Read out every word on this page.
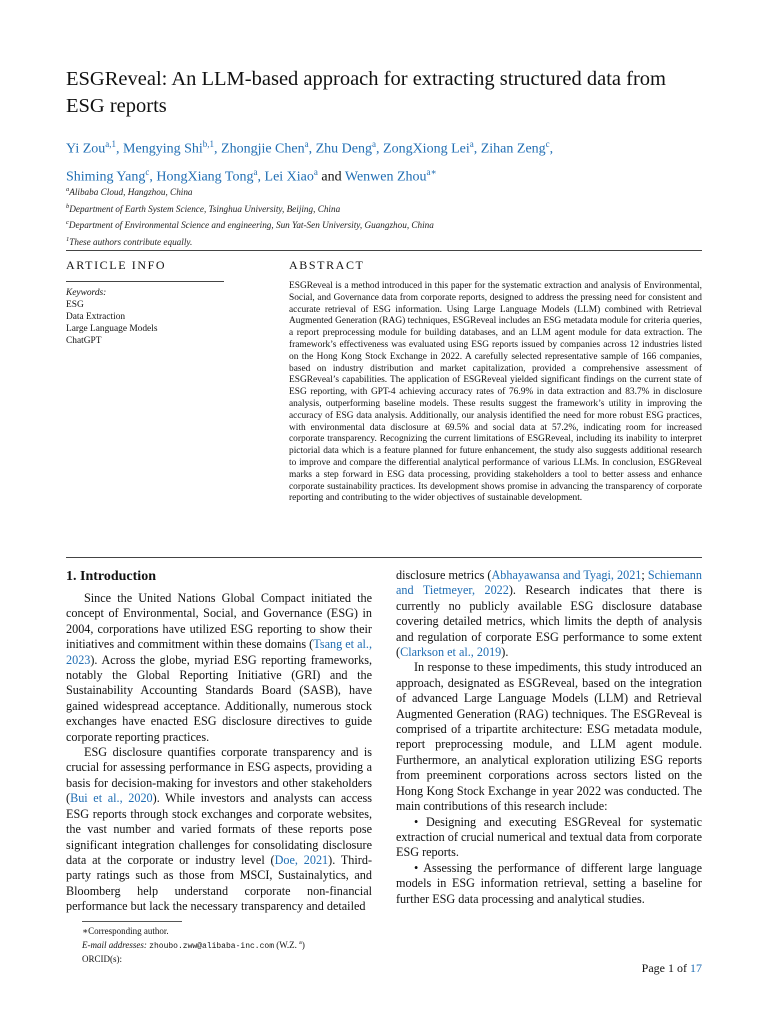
ESGReveal: An LLM-based approach for extracting structured data from ESG reports
Yi Zou$^{a,1}$, Mengying Shi$^{b,1}$, Zhongjie Chen$^a$, Zhu Deng$^a$, ZongXiong Lei$^a$, Zihan Zeng$^c$,
Shiming Yang$^c$, HongXiang Tong$^a$, Lei Xiao$^a$ and Wenwen Zhou$^{a∗}$
$^a$Alibaba Cloud, Hangzhou, China
$^b$Department of Earth System Science, Tsinghua University, Beijing, China
$^c$Department of Environmental Science and engineering, Sun Yat-Sen University, Guangzhou, China
$^1$These authors contribute equally.
ARTICLE INFO
Keywords:
ESG
Data Extraction
Large Language Models
ChatGPT
ABSTRACT
ESGReveal is a method introduced in this paper for the systematic extraction and analysis of Environmental, Social, and Governance data from corporate reports, designed to address the pressing need for consistent and accurate retrieval of ESG information. Using Large Language Models (LLM) combined with Retrieval Augmented Generation (RAG) techniques, ESGReveal includes an ESG metadata module for criteria queries, a report preprocessing module for building databases, and an LLM agent module for data extraction. The framework’s effectiveness was evaluated using ESG reports issued by companies across 12 industries listed on the Hong Kong Stock Exchange in 2022. A carefully selected representative sample of 166 companies, based on industry distribution and market capitalization, provided a comprehensive assessment of ESGReveal’s capabilities. The application of ESGReveal yielded significant findings on the current state of ESG reporting, with GPT-4 achieving accuracy rates of 76.9% in data extraction and 83.7% in disclosure analysis, outperforming baseline models. These results suggest the framework’s utility in improving the accuracy of ESG data analysis. Additionally, our analysis identified the need for more robust ESG practices, with environmental data disclosure at 69.5% and social data at 57.2%, indicating room for increased corporate transparency. Recognizing the current limitations of ESGReveal, including its inability to interpret pictorial data which is a feature planned for future enhancement, the study also suggests additional research to improve and compare the differential analytical performance of various LLMs. In conclusion, ESGReveal marks a step forward in ESG data processing, providing stakeholders a tool to better assess and enhance corporate sustainability practices. Its development shows promise in advancing the transparency of corporate reporting and contributing to the wider objectives of sustainable development.
1. Introduction

Since the United Nations Global Compact initiated the concept of Environmental, Social, and Governance (ESG) in 2004, corporations have utilized ESG reporting to show their initiatives and commitment within these domains (Tsang et al., 2023). Across the globe, myriad ESG reporting frameworks, notably the Global Reporting Initiative (GRI) and the Sustainability Accounting Standards Board (SASB), have gained widespread acceptance. Additionally, numerous stock exchanges have enacted ESG disclosure directives to guide corporate reporting practices.

ESG disclosure quantifies corporate transparency and is crucial for assessing performance in ESG aspects, providing a basis for decision-making for investors and other stakeholders (Bui et al., 2020). While investors and analysts can access ESG reports through stock exchanges and corporate websites, the vast number and varied formats of these reports pose significant integration challenges for consolidating disclosure data at the corporate or industry level (Doe, 2021). Third-party ratings such as those from MSCI, Sustainalytics, and Bloomberg help understand corporate non-financial performance but lack the necessary transparency and detailed

disclosure metrics (Abhayawansa and Tyagi, 2021; Schiemann and Tietmeyer, 2022). Research indicates that there is currently no publicly available ESG disclosure database covering detailed metrics, which limits the depth of analysis and regulation of corporate ESG performance to some extent (Clarkson et al., 2019).

In response to these impediments, this study introduced an approach, designated as ESGReveal, based on the integration of advanced Large Language Models (LLM) and Retrieval Augmented Generation (RAG) techniques. The ESGReveal is comprised of a tripartite architecture: ESG metadata module, report preprocessing module, and LLM agent module. Furthermore, an analytical exploration utilizing ESG reports from preeminent corporations across sectors listed on the Hong Kong Stock Exchange in year 2022 was conducted. The main contributions of this research include:

• Designing and executing ESGReveal for systematic extraction of crucial numerical and textual data from corporate ESG reports.

• Assessing the performance of different large language models in ESG information retrieval, setting a baseline for further ESG data processing and analytical studies.

∗Corresponding author.
E-mail addresses: zhoubo.zww@alibaba-inc.com (W.Z. $^a$)
ORCID(s):
Page 1 of 17
